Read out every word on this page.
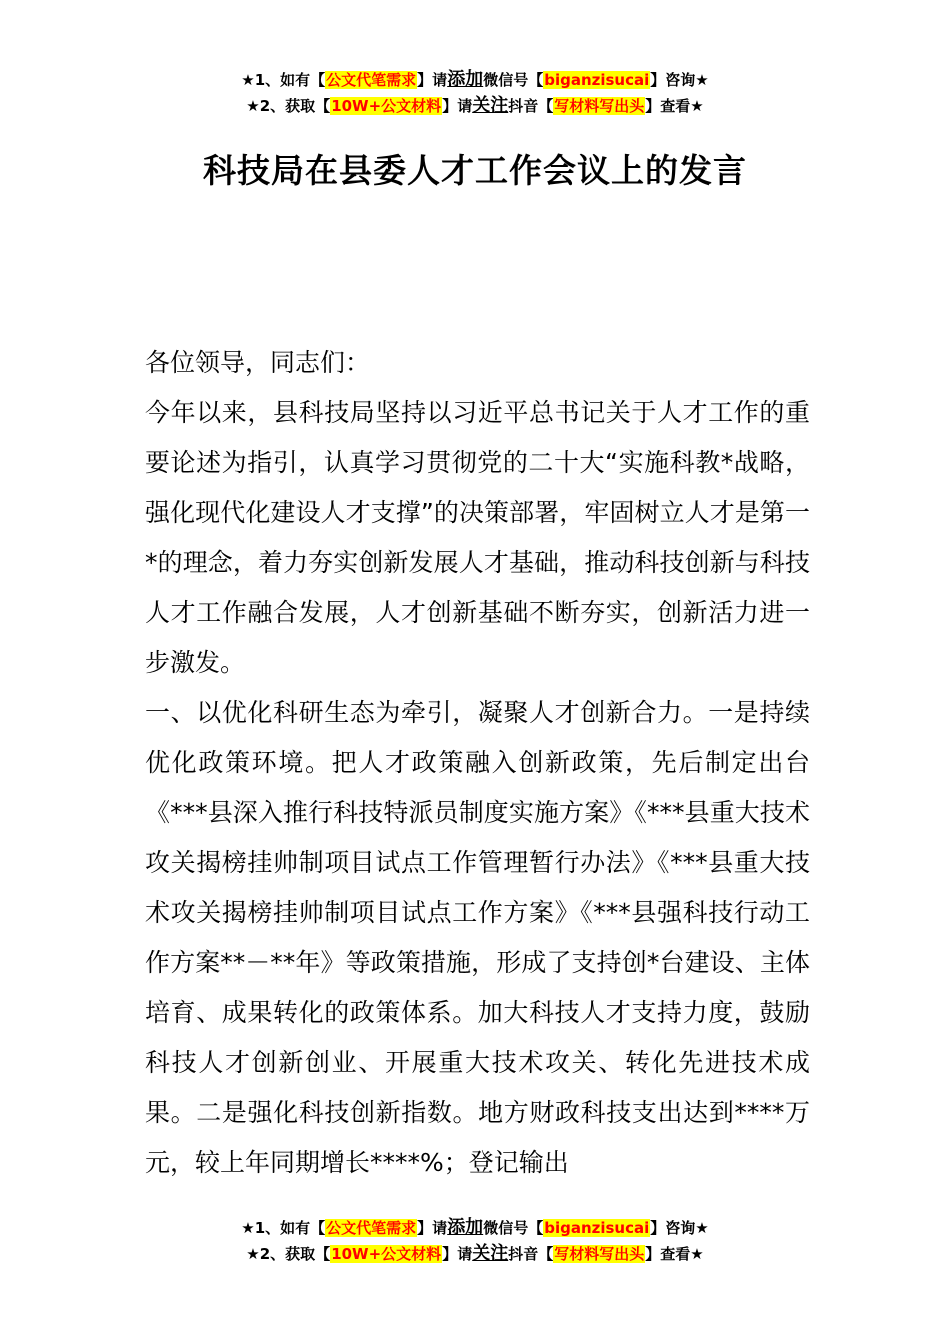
★1、如有【公文代笔需求】请添加微信号【biganzisucai】咨询★
★2、获取【10W+公文材料】请关注抖音【写材料写出头】查看★
科技局在县委人才工作会议上的发言

各位领导，同志们：

今年以来，县科技局坚持以习近平总书记关于人才工作的重要论述为指引，认真学习贯彻党的二十大“实施科教*战略，强化现代化建设人才支撑”的决策部署，牢固树立人才是第一*的理念，着力夯实创新发展人才基础，推动科技创新与科技人才工作融合发展，人才创新基础不断夯实，创新活力进一步激发。

一、以优化科研生态为牵引，凝聚人才创新合力。一是持续优化政策环境。把人才政策融入创新政策，先后制定出台《***县深入推行科技特派员制度实施方案》《***县重大技术攻关揭榜挂帅制项目试点工作管理暂行办法》《***县重大技术攻关揭榜挂帅制项目试点工作方案》《***县强科技行动工作方案**－**年》等政策措施，形成了支持创*台建设、主体培育、成果转化的政策体系。加大科技人才支持力度，鼓励科技人才创新创业、开展重大技术攻关、转化先进技术成果。二是强化科技创新指数。地方财政科技支出达到****万元，较上年同期增长****%；登记输出

★1、如有【公文代笔需求】请添加微信号【biganzisucai】咨询★
★2、获取【10W+公文材料】请关注抖音【写材料写出头】查看★
